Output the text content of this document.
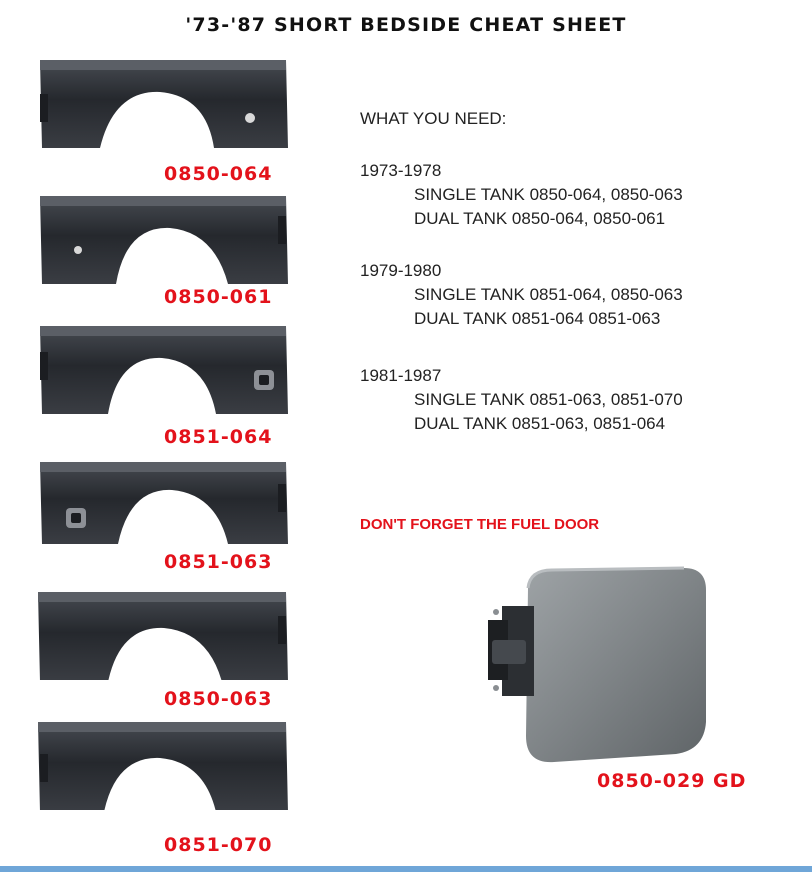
'73-'87 SHORT BEDSIDE CHEAT SHEET
0850-064
0850-061
0851-064
0851-063
0850-063
0851-070
WHAT YOU NEED:
1973-1978
SINGLE TANK 0850-064, 0850-063
DUAL TANK 0850-064, 0850-061
1979-1980
SINGLE TANK 0851-064, 0850-063
DUAL TANK 0851-064 0851-063
1981-1987
SINGLE TANK 0851-063, 0851-070
DUAL TANK 0851-063, 0851-064
DON'T FORGET THE FUEL DOOR
0850-029 GD
